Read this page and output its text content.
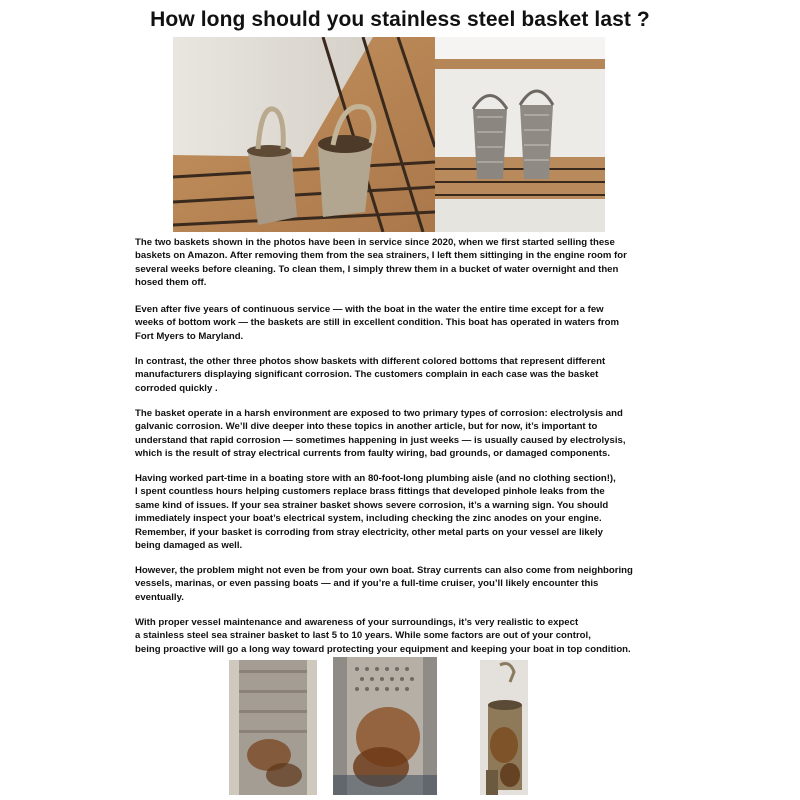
How long should you stainless steel basket last ?
The two baskets shown in the photos have been in service since 2020, when we first started selling these
baskets on Amazon. After removing them from the sea strainers, I left them sittinging in the engine room for
several weeks before cleaning. To clean them, I simply threw them in a bucket of water overnight and then
hosed them off.
Even after five years of continuous service — with the boat in the water the entire time except for a few
weeks of bottom work — the baskets are still in excellent condition. This boat has operated in waters from
Fort Myers to Maryland.
In contrast, the other three photos show baskets with different colored bottoms that represent different
manufacturers displaying significant corrosion. The customers complain in each case was the basket
corroded quickly .
The basket operate in a harsh environment are exposed to two primary types of corrosion: electrolysis and
galvanic corrosion. We’ll dive deeper into these topics in another article, but for now, it’s important to
understand that rapid corrosion — sometimes happening in just weeks — is usually caused by electrolysis,
which is the result of stray electrical currents from faulty wiring, bad grounds, or damaged components.
Having worked part-time in a boating store with an 80-foot-long plumbing aisle (and no clothing section!),
I spent countless hours helping customers replace brass fittings that developed pinhole leaks from the
same kind of issues. If your sea strainer basket shows severe corrosion, it’s a warning sign. You should
immediately inspect your boat’s electrical system, including checking the zinc anodes on your engine.
Remember, if your basket is corroding from stray electricity, other metal parts on your vessel are likely
being damaged as well.
However, the problem might not even be from your own boat. Stray currents can also come from neighboring
vessels, marinas, or even passing boats — and if you’re a full-time cruiser, you’ll likely encounter this
eventually.
With proper vessel maintenance and awareness of your surroundings, it’s very realistic to expect
a stainless steel sea strainer basket to last 5 to 10 years. While some factors are out of your control,
being proactive will go a long way toward protecting your equipment and keeping your boat in top condition.
